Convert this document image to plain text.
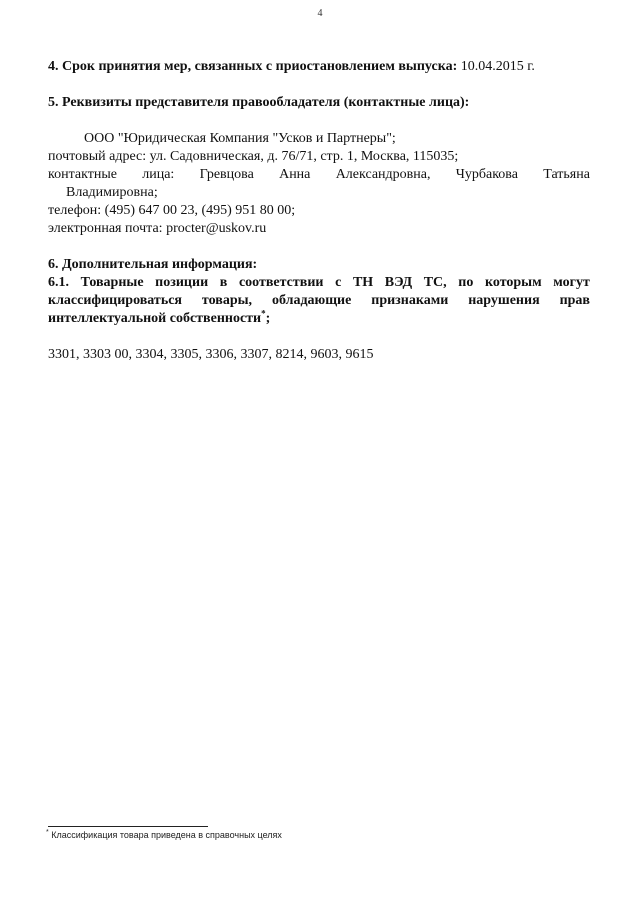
4
4. Срок принятия мер, связанных с приостановлением выпуска: 10.04.2015 г.
5. Реквизиты представителя правообладателя (контактные лица):
ООО "Юридическая Компания "Усков и Партнеры";
почтовый адрес: ул. Садовническая, д. 76/71, стр. 1, Москва, 115035;
контактные лица: Гревцова Анна Александровна, Чурбакова Татьяна
Владимировна;
телефон: (495) 647 00 23, (495) 951 80 00;
электронная почта: procter@uskov.ru
6. Дополнительная информация:
6.1. Товарные позиции в соответствии с ТН ВЭД ТС, по которым могут
классифицироваться товары, обладающие признаками нарушения прав
интеллектуальной собственности*;
3301, 3303 00, 3304, 3305, 3306, 3307, 8214, 9603, 9615
* Классификация товара приведена в справочных целях
